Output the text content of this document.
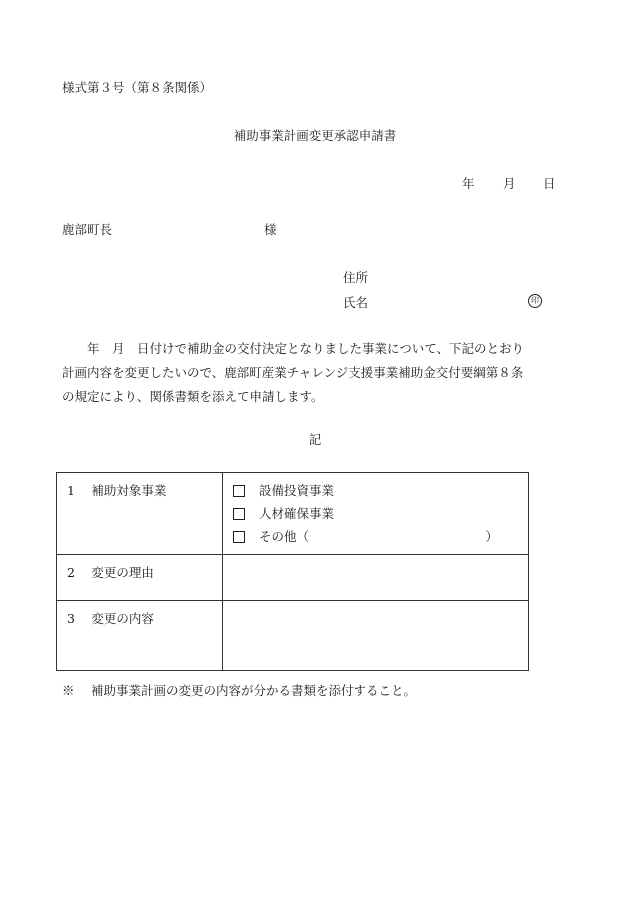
様式第３号（第８条関係）
補助事業計画変更承認申請書
年 月 日
鹿部町長	様
住所
氏名	印

年　月　日付けで補助金の交付決定となりました事業について、下記のとおり

計画内容を変更したいので、鹿部町産業チャレンジ支援事業補助金交付要綱第８条

の規定により、関係書類を添えて申請します。

記
1　 補助対象事業	設備投資事業
人材確保事業
その他（ ）

2　 変更の理由	

3　 変更の内容	

※　 補助事業計画の変更の内容が分かる書類を添付すること。
